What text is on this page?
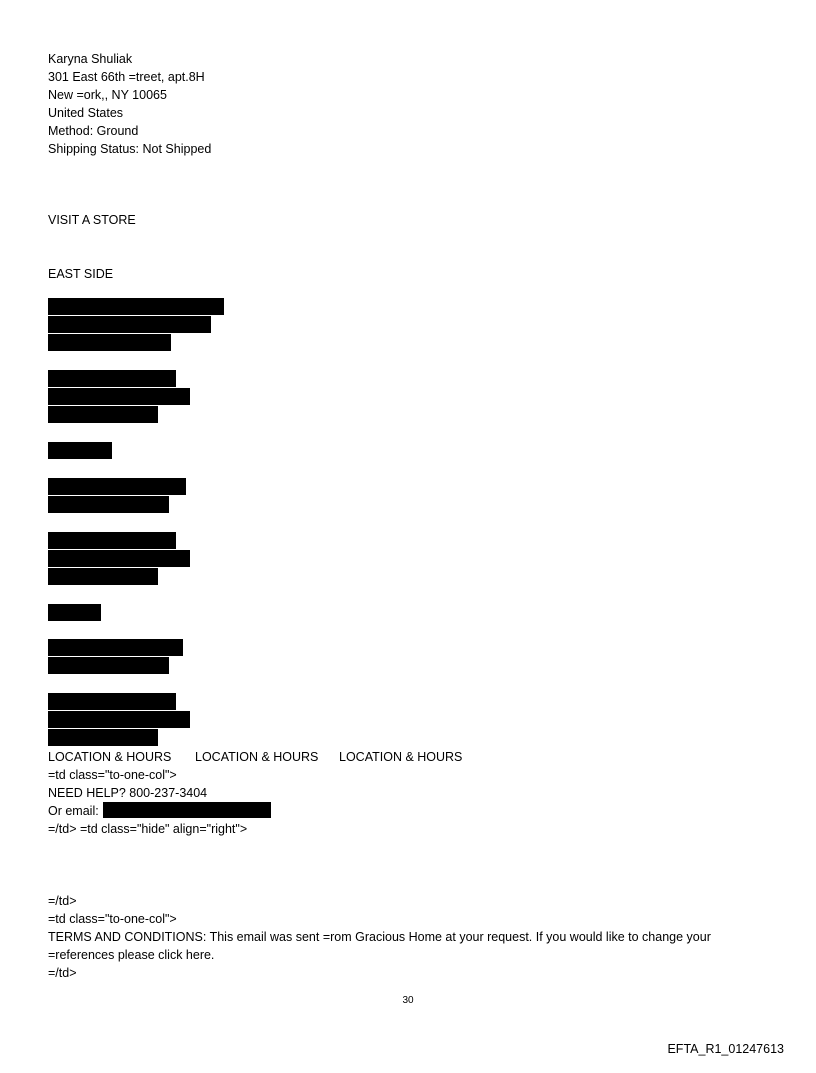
Karyna Shuliak
301 East 66th =treet, apt.8H
New =ork,, NY 10065
United States
Method: Ground
Shipping Status: Not Shipped
VISIT A STORE
EAST SIDE
LOCATION & HOURS LOCATION & HOURS LOCATION & HOURS
=td class="to-one-col">
NEED HELP? 800-237-3404
Or email:
=/td> =td class="hide" align="right">
=/td>
=td class="to-one-col">
TERMS AND CONDITIONS: This email was sent =rom Gracious Home at your request. If you would like to change your
=references please click here.
=/td>
30
EFTA_R1_01247613
